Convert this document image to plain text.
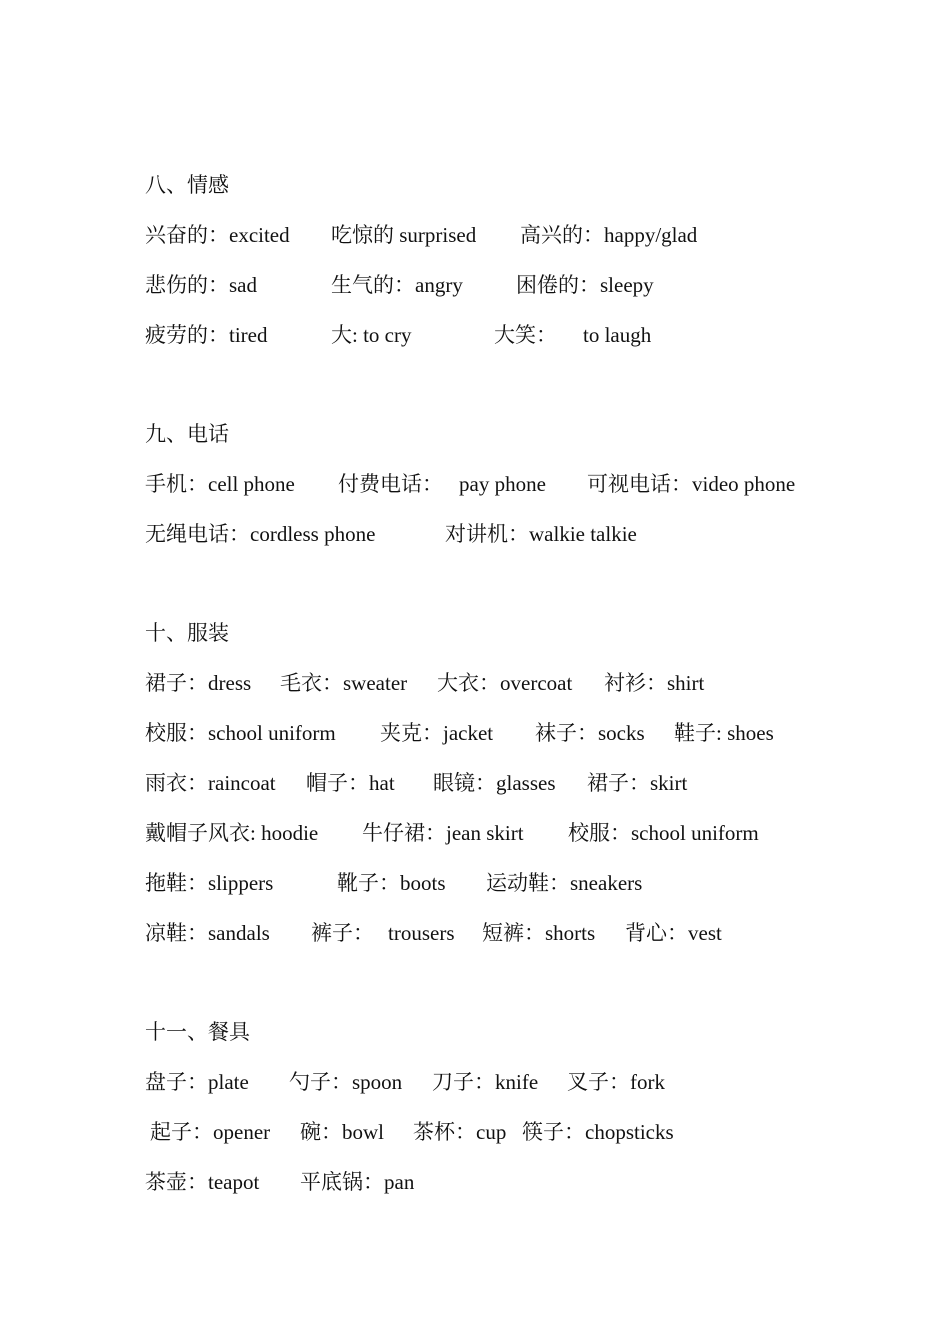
八、情感
兴奋的：excited 吃惊的 surprised 高兴的：happy/glad
悲伤的：sad	生气的：angry	困倦的：sleepy
疲劳的：tired	大: to cry	大笑： to laugh
九、电话
手机：cell phone 付费电话： pay phone 可视电话：video phone
无绳电话：cordless phone	对讲机：walkie talkie
十、服装
裙子：dress 毛衣：sweater 大衣：overcoat 衬衫：shirt
校服：school uniform 夹克：jacket 袜子：socks 鞋子: shoes
雨衣：raincoat 帽子：hat 眼镜：glasses 裙子：skirt
戴帽子风衣: hoodie 牛仔裙：jean skirt 校服：school uniform
拖鞋：slippers	靴子：boots 运动鞋：sneakers
凉鞋：sandals 裤子： trousers 短裤：shorts 背心：vest
十一、餐具
盘子：plate 勺子：spoon 刀子：knife 叉子：fork
起子：opener 碗：bowl 茶杯：cup 筷子：chopsticks
茶壶：teapot 平底锅：pan
